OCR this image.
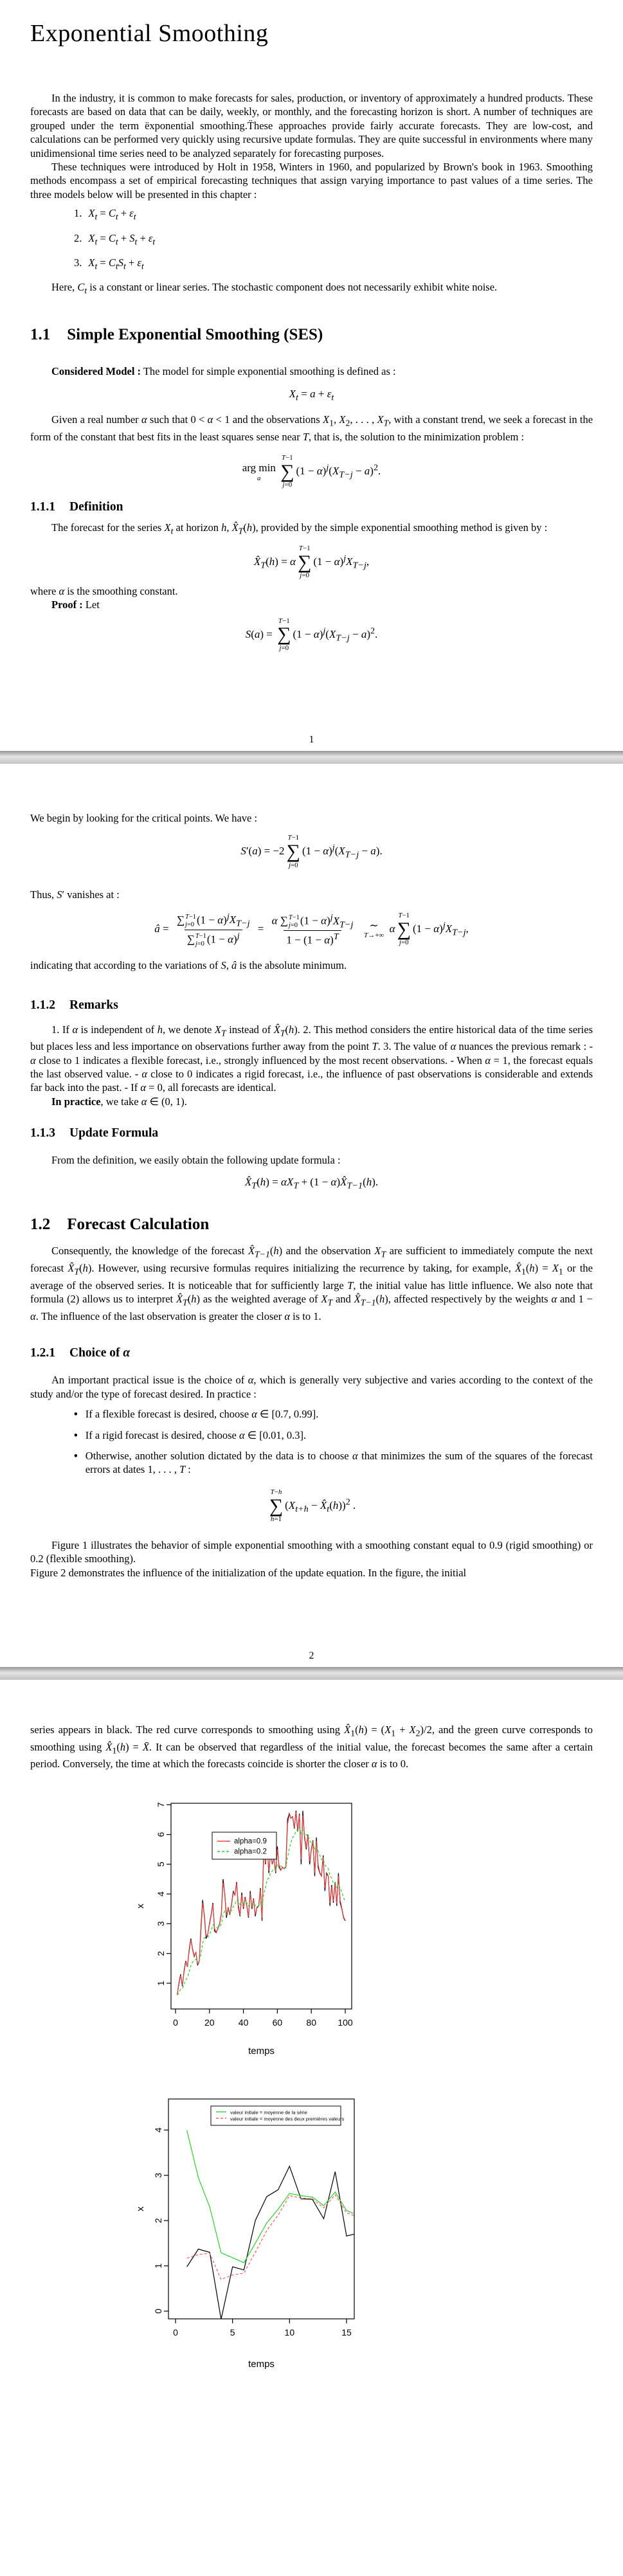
Exponential Smoothing

In the industry, it is common to make forecasts for sales, production, or inventory of approximately a hundred products. These forecasts are based on data that can be daily, weekly, or monthly, and the forecasting horizon is short. A number of techniques are grouped under the term ëxponential smoothing.T̈hese approaches provide fairly accurate forecasts. They are low-cost, and calculations can be performed very quickly using recursive update formulas. They are quite successful in environments where many unidimensional time series need to be analyzed separately for forecasting purposes.

These techniques were introduced by Holt in 1958, Winters in 1960, and popularized by Brown's book in 1963. Smoothing methods encompass a set of empirical forecasting techniques that assign varying importance to past values of a time series. The three models below will be presented in this chapter :

1. $X_t = C_t + \varepsilon_t$
2. $X_t = C_t + S_t + \varepsilon_t$
3. $X_t = C_tS_t + \varepsilon_t$

Here, $C_t$ is a constant or linear series. The stochastic component does not necessarily exhibit white noise.

1.1 Simple Exponential Smoothing (SES)

Considered Model : The model for simple exponential smoothing is defined as :

$X_t = a + \varepsilon_t$

Given a real number α such that 0 < α < 1 and the observations $X_1$, $X_2$, . . . , $X_T$, with a constant trend, we seek a forecast in the form of the constant that best fits in the least squares sense near T, that is, the solution to the minimization problem :

arg min
a

T−1
∑
j=0
$(1 - \alpha)^j(X_{T-j} - a)^2$.
1.1.1 Definition

The forecast for the series $X_t$ at horizon h, $X̂_T(h)$, provided by the simple exponential smoothing method is given by :

$X̂_T(h) = \alpha$
T−1
∑
j=0
$(1 - \alpha)^jX_{T-j}$,

where α is the smoothing constant.

Proof : Let

S(a) =
T−1
∑
j=0
$(1 - \alpha)^j(X_{T-j} - a)^2$.
1

We begin by looking for the critical points. We have :

S′(a) = −2
T−1
∑
j=0
$(1 - \alpha)^j(X_{T-j} - a)$.

Thus, S′ vanishes at :

â = ∑ T−1
j=0 $(1 - \alpha)^jX_{T-j}$
∑ T−1
j=0 $(1 - \alpha)^j = \alpha$ ∑ T−1
j=0 $(1 - \alpha)^jX_{T-j}$
$1 - (1 - \alpha)^T$
∼
T→+∞
α
T−1
∑
j=0
$(1 - \alpha)^jX_{T-j}$,

indicating that according to the variations of S, â is the absolute minimum.

1.1.2 Remarks

1. If α is independent of h, we denote $X_T$ instead of $X̂_T(h)$. 2. This method considers the entire historical data of the time series but places less and less importance on observations further away from the point T. 3. The value of α nuances the previous remark : - α close to 1 indicates a flexible forecast, i.e., strongly influenced by the most recent observations. - When α = 1, the forecast equals the last observed value. - α close to 0 indicates a rigid forecast, i.e., the influence of past observations is considerable and extends far back into the past. - If α = 0, all forecasts are identical.

In practice, we take α ∈ (0, 1).

1.1.3 Update Formula

From the definition, we easily obtain the following update formula :

$X̂_T(h) = \alpha X_T + (1$ − $\alpha)X̂_{T-1}(h)$.
1.2 Forecast Calculation

Consequently, the knowledge of the forecast $X̂_{T-1}(h)$ and the observation $X_T$ are sufficient to immediately compute the next forecast $X̂_T(h)$. However, using recursive formulas requires initializing the recurrence by taking, for example, $X̂_1(h) = X_1$ or the average of the observed series. It is noticeable that for sufficiently large T, the initial value has little influence. We also note that formula (2) allows us to interpret $X̂_T(h)$ as the weighted average of $X_T$ and $X̂_{T-1}(h)$, affected respectively by the weights α and 1 − α. The influence of the last observation is greater the closer α is to 1.

1.2.1 Choice of α

An important practical issue is the choice of α, which is generally very subjective and varies according to the context of the study and/or the type of forecast desired. In practice :

•
If a flexible forecast is desired, choose α ∈ [0.7, 0.99].
•
If a rigid forecast is desired, choose α ∈ [0.01, 0.3].
•
Otherwise, another solution dictated by the data is to choose α that minimizes the sum of the squares of the forecast errors at dates 1, . . . , T :
T−h
∑
h=1
($X_{t+h}$ − $X̂_t(h))^2$ .

Figure 1 illustrates the behavior of simple exponential smoothing with a smoothing constant equal to 0.9 (rigid smoothing) or 0.2 (flexible smoothing).

Figure 2 demonstrates the influence of the initialization of the update equation. In the figure, the initial

2

series appears in black. The red curve corresponds to smoothing using $X̂_1(h) = (X_1 + X_2)/2$, and the green curve corresponds to smoothing using $X̂_1(h)$ = X̄. It can be observed that regardless of the initial value, the forecast becomes the same after a certain period. Conversely, the time at which the forecasts coincide is shorter the closer α is to 0.

0	20	40	60	80 100
1
2
3
4
5
6
7
temps
x
alpha=0.9
alpha=0.2
0	5	10	15
0
1
2
3
4
temps
x
valeur initiale = moyenne de la série
valeur initiale = moyenne des deux premières valeurs
